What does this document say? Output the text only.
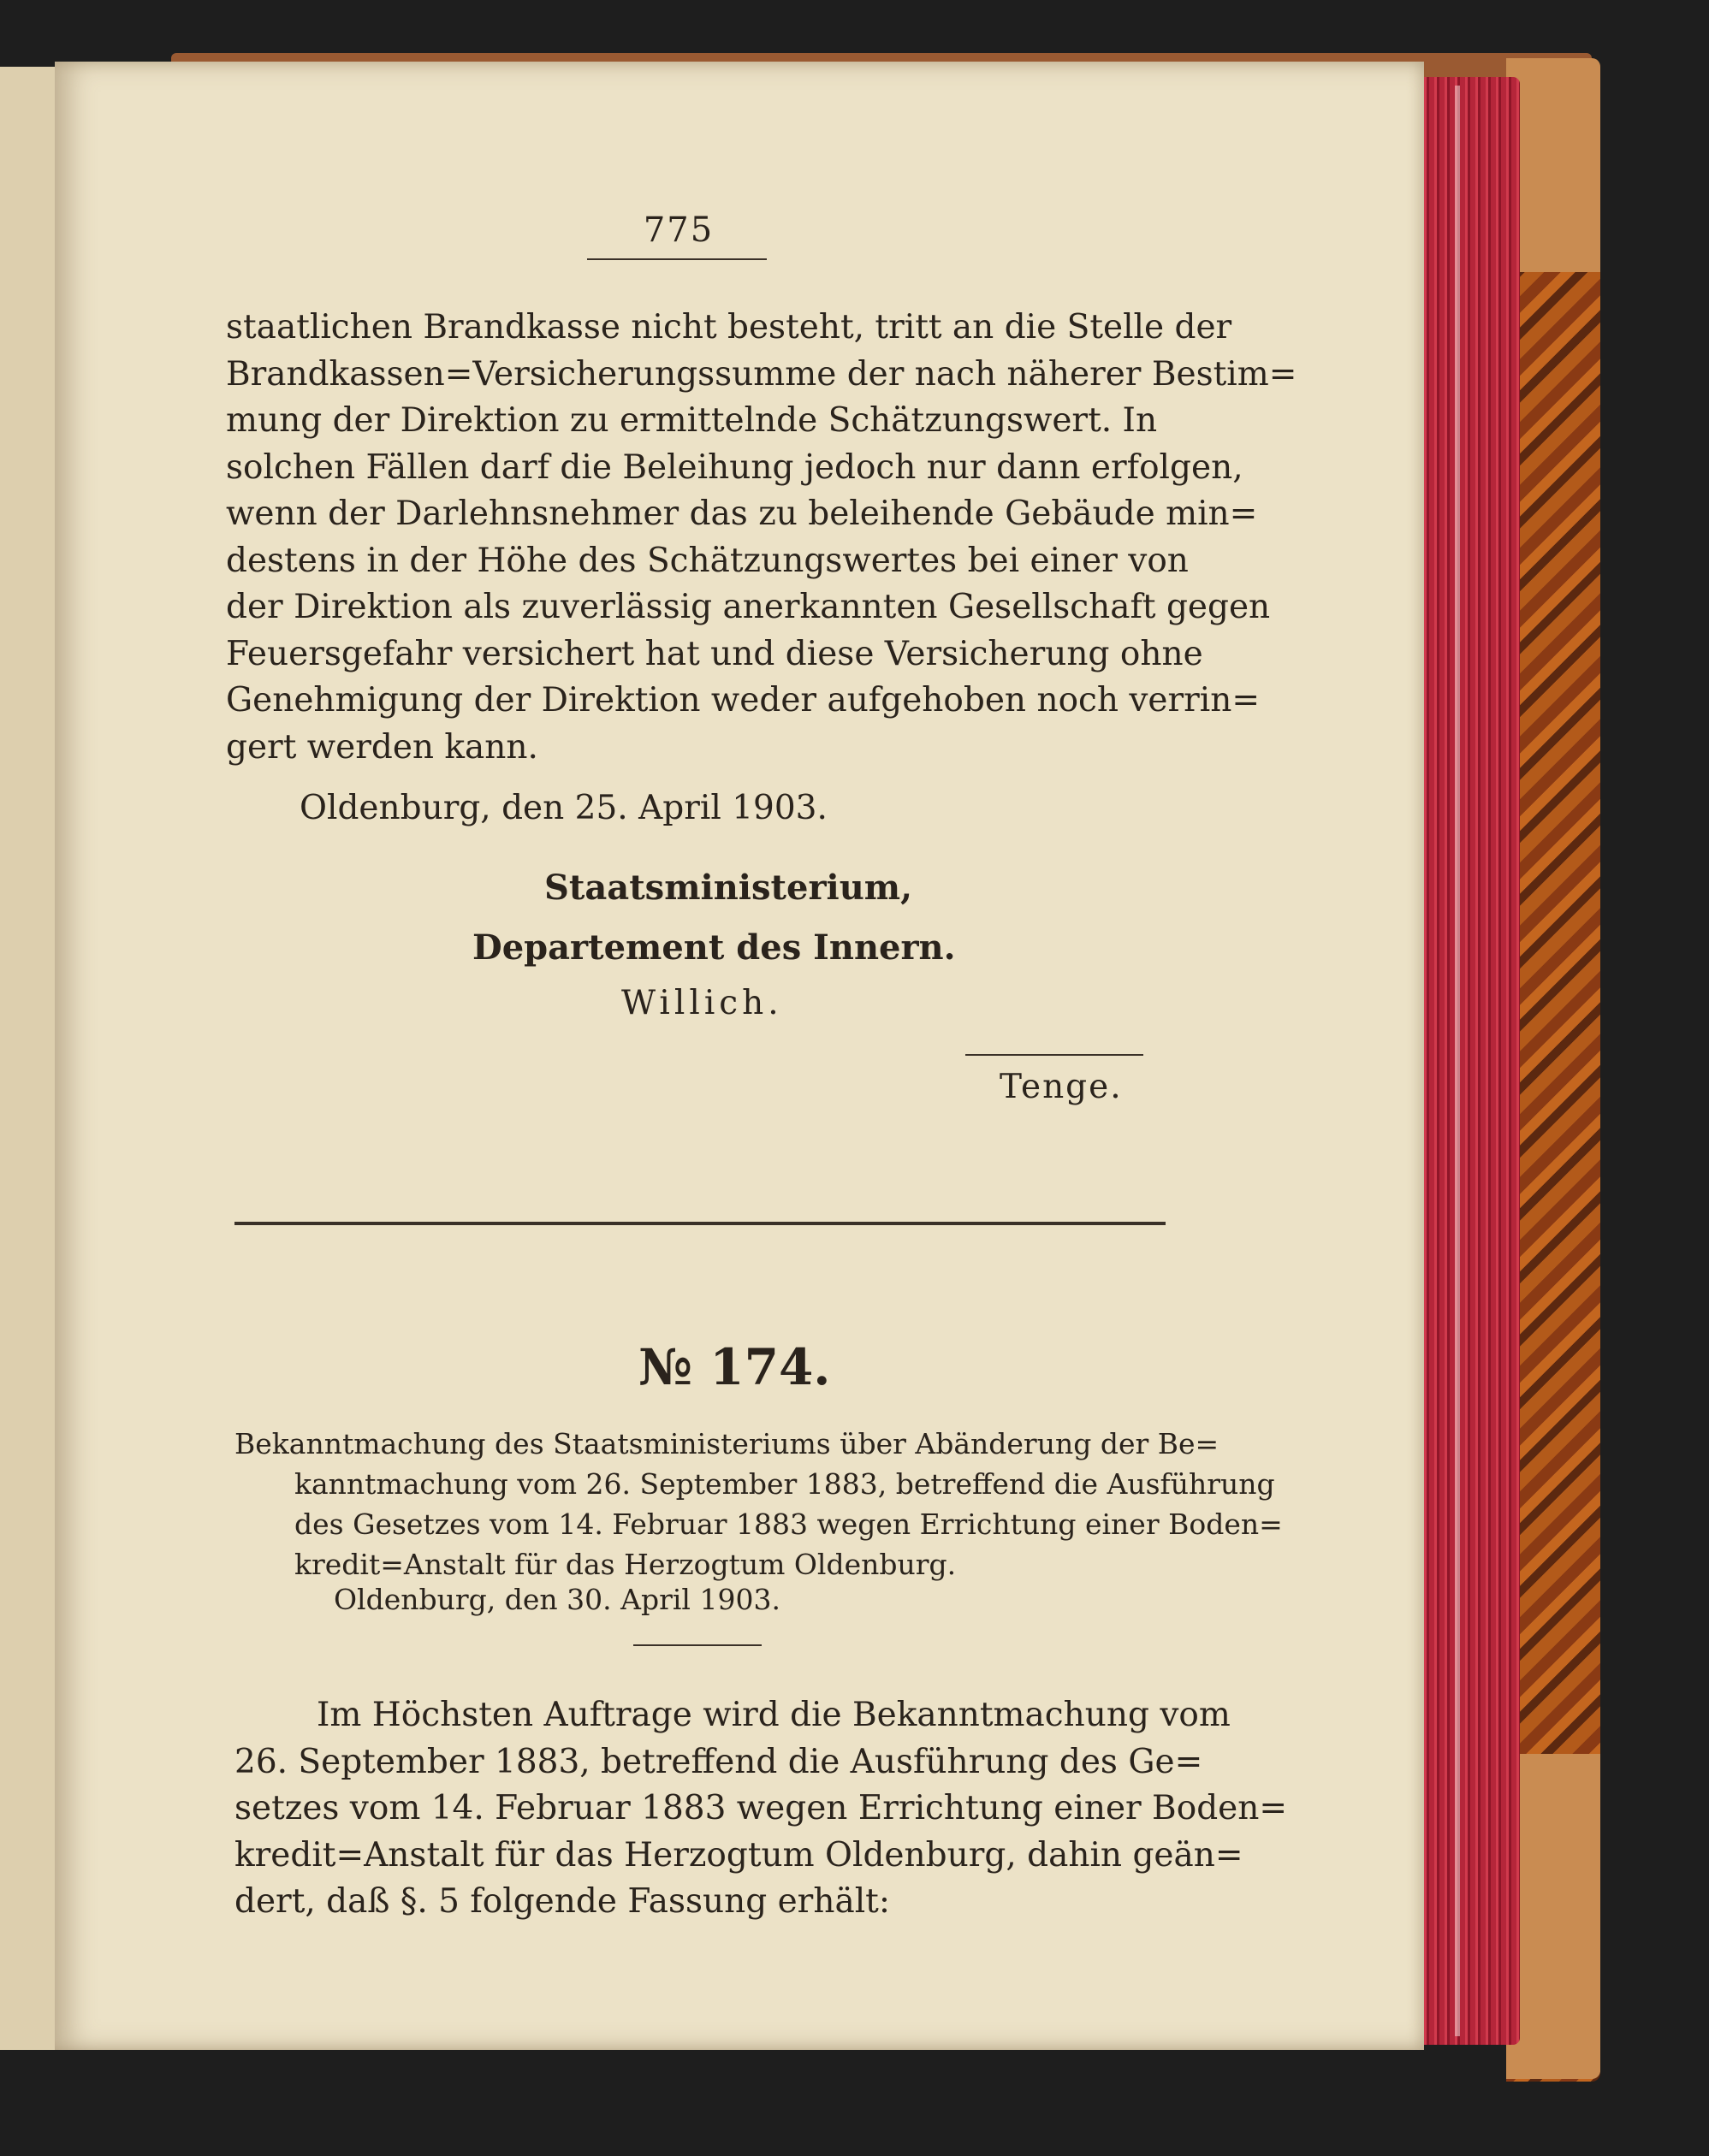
775
staatlichen Brandkasse nicht besteht, tritt an die Stelle der
Brandkassen=Versicherungssumme der nach näherer Bestim=
mung der Direktion zu ermittelnde Schätzungswert. In
solchen Fällen darf die Beleihung jedoch nur dann erfolgen,
wenn der Darlehnsnehmer das zu beleihende Gebäude min=
destens in der Höhe des Schätzungswertes bei einer von
der Direktion als zuverlässig anerkannten Gesellschaft gegen
Feuersgefahr versichert hat und diese Versicherung ohne
Genehmigung der Direktion weder aufgehoben noch verrin=
gert werden kann.
Oldenburg, den 25. April 1903.
Staatsministerium,
Departement des Innern.
Willich.
Tenge.
№ 174.
Bekanntmachung des Staatsministeriums über Abänderung der Be=
kanntmachung vom 26. September 1883, betreffend die Ausführung
des Gesetzes vom 14. Februar 1883 wegen Errichtung einer Boden=
kredit=Anstalt für das Herzogtum Oldenburg.
Oldenburg, den 30. April 1903.
Im Höchsten Auftrage wird die Bekanntmachung vom
26. September 1883, betreffend die Ausführung des Ge=
setzes vom 14. Februar 1883 wegen Errichtung einer Boden=
kredit=Anstalt für das Herzogtum Oldenburg, dahin geän=
dert, daß §. 5 folgende Fassung erhält:
